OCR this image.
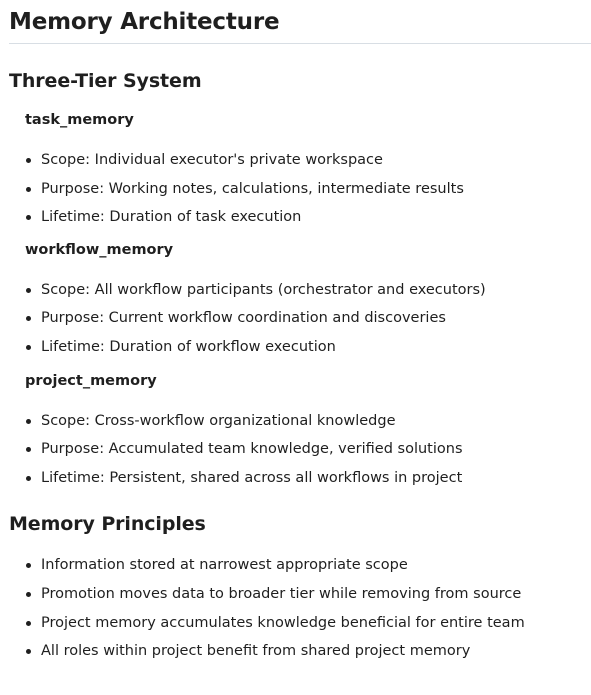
Memory Architecture
Three-Tier System
task_memory
Scope: Individual executor's private workspace
Purpose: Working notes, calculations, intermediate results
Lifetime: Duration of task execution
workflow_memory
Scope: All workflow participants (orchestrator and executors)
Purpose: Current workflow coordination and discoveries
Lifetime: Duration of workflow execution
project_memory
Scope: Cross-workflow organizational knowledge
Purpose: Accumulated team knowledge, verified solutions
Lifetime: Persistent, shared across all workflows in project
Memory Principles
Information stored at narrowest appropriate scope
Promotion moves data to broader tier while removing from source
Project memory accumulates knowledge beneficial for entire team
All roles within project benefit from shared project memory
